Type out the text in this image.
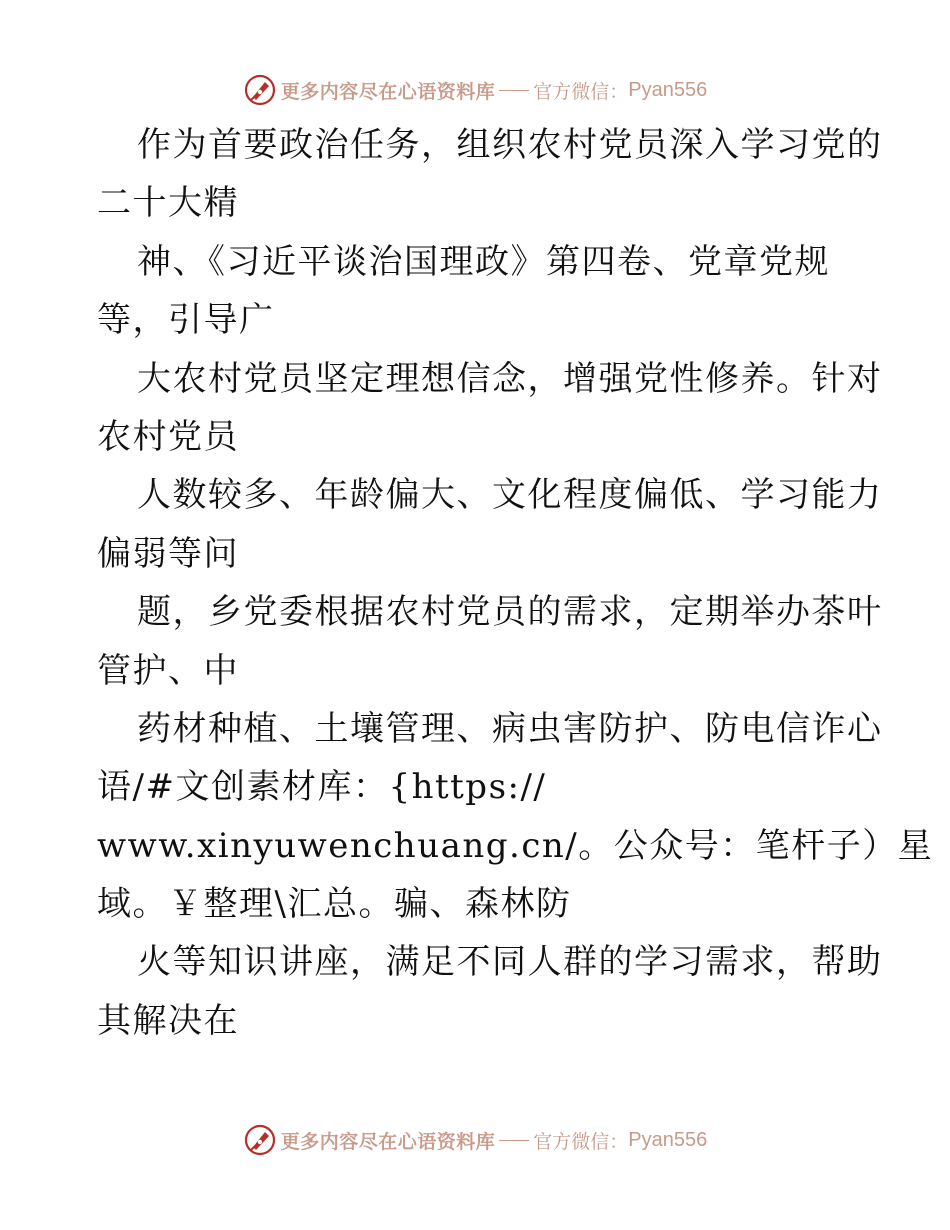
更多内容尽在心语资料库 官方微信： Pyan556
作为首要政治任务，组织农村党员深入学习党的
二十大精
神、《习近平谈治国理政》第四卷、党章党规
等，引导广
大农村党员坚定理想信念，增强党性修养。针对
农村党员
人数较多、年龄偏大、文化程度偏低、学习能力
偏弱等问
题，乡党委根据农村党员的需求，定期举办茶叶
管护、中
药材种植、土壤管理、病虫害防护、防电信诈心
语/#文创素材库：{https://
www.xinyuwenchuang.cn/。公众号：笔杆子）星
域。￥整理\汇总。骗、森林防
火等知识讲座，满足不同人群的学习需求，帮助
其解决在
更多内容尽在心语资料库 官方微信： Pyan556
